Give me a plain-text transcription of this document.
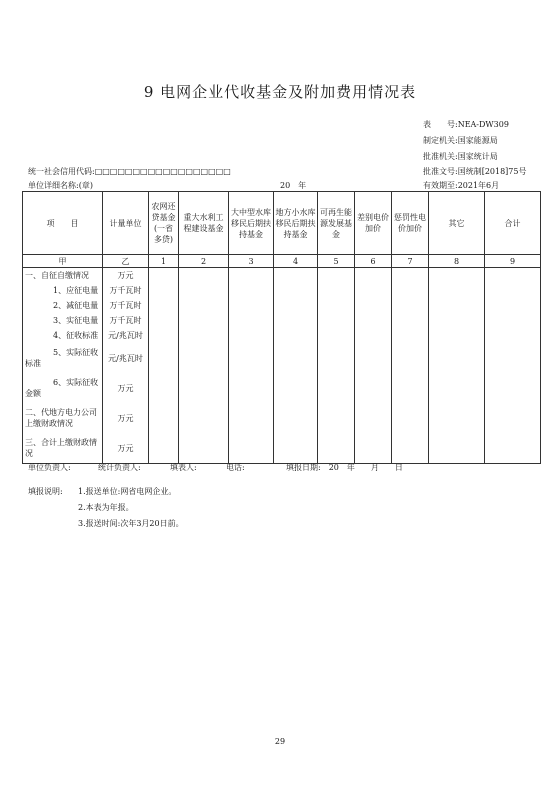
9 电网企业代收基金及附加费用情况表
表　　号:NEA-DW309
制定机关:国家能源局
批准机关:国家统计局
批准文号:国统制[2018]75号
有效期至:2021年6月
统一社会信用代码:□□□□□□□□□□□□□□□□□□
单位详细名称:(章)	20　年
项　　目	计量单位	农网还贷基金(一省多贷)	重大水利工程建设基金	大中型水库移民后期扶持基金	地方小水库移民后期扶持基金	可再生能源发展基金	差别电价加价	惩罚性电价加价	其它	合计
甲	乙	1	2	3	4	5	6	7	8	9
一、自征自缴情况	万元									
1、应征电量	万千瓦时									
2、减征电量	万千瓦时									
3、实征电量	万千瓦时									
4、征收标准	元/兆瓦时									
5、实际征收标准	元/兆瓦时									
6、实际征收金额	万元									
二、代地方电力公司上缴财政情况	万元									
三、合计上缴财政情况	万元									
单位负责人:	统计负责人:	填表人:	电话:	填报日期:　20　年　　月　　日
填报说明: 1.报送单位:网省电网企业。
2.本表为年报。
3.报送时间:次年3月20日前。
29
